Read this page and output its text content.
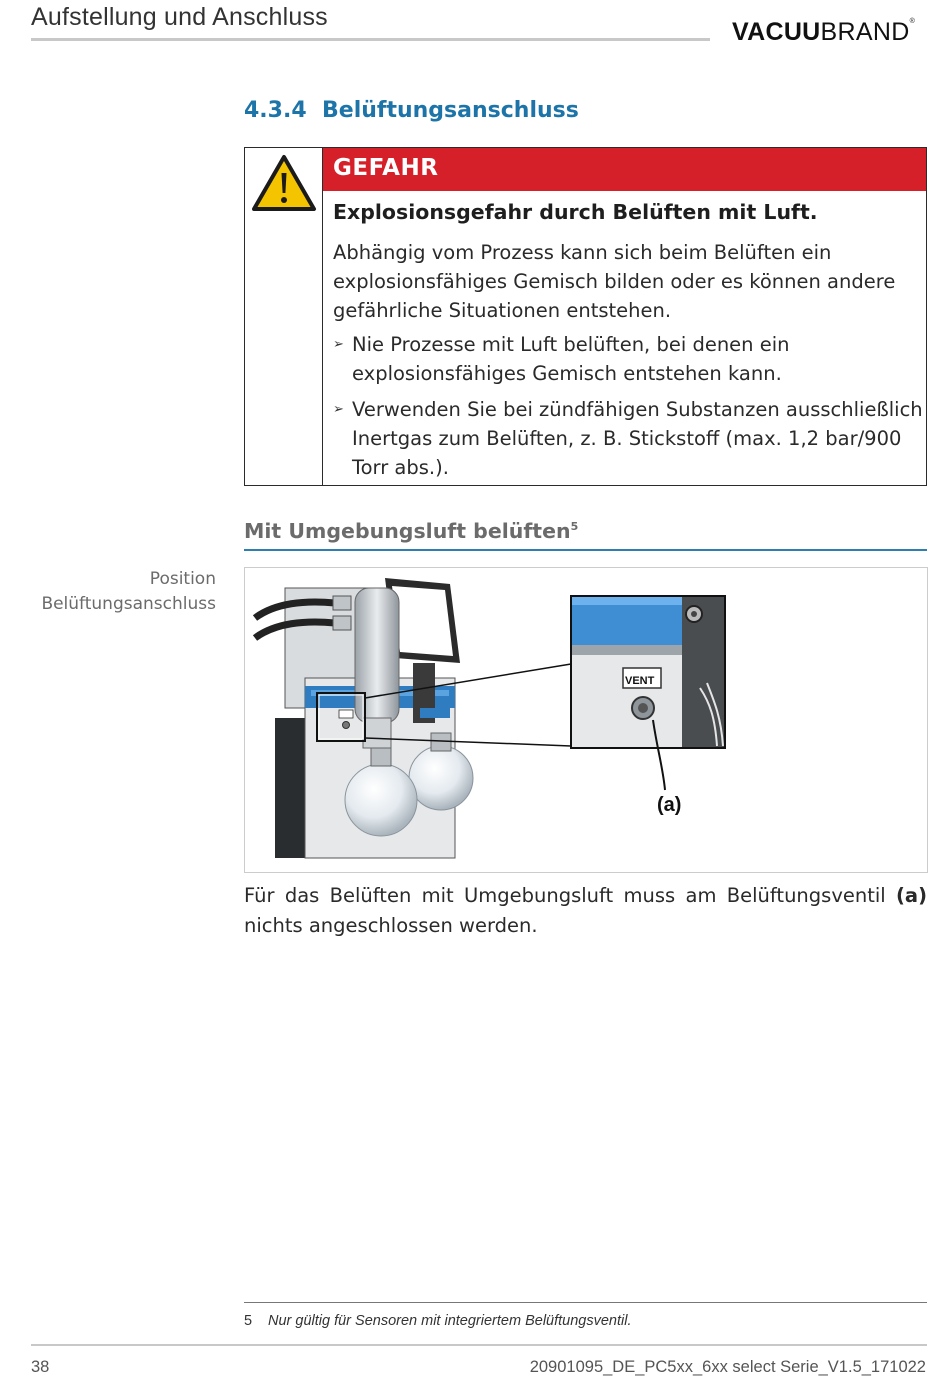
Aufstellung und Anschluss
VACUUBRAND®
4.3.4 Belüftungsanschluss
GEFAHR
Explosionsgefahr durch Belüften mit Luft.
Abhängig vom Prozess kann sich beim Belüften ein explosionsfähiges Gemisch bilden oder es können andere gefährliche Situationen entstehen.
➢ Nie Prozesse mit Luft belüften, bei denen ein explosionsfähiges Gemisch entstehen kann.
➢ Verwenden Sie bei zündfähigen Substanzen ausschließlich Inertgas zum Belüften, z. B. Stickstoff (max. 1,2 bar/900 Torr abs.).
Mit Umgebungsluft belüften$^5$
Position Belüftungsanschluss
VENT
(a)
Für das Belüften mit Umgebungsluft muss am Belüftungsventil (a) nichts angeschlossen werden.
5 Nur gültig für Sensoren mit integriertem Belüftungsventil.
38	20901095_DE_PC5xx_6xx select Serie_V1.5_171022
